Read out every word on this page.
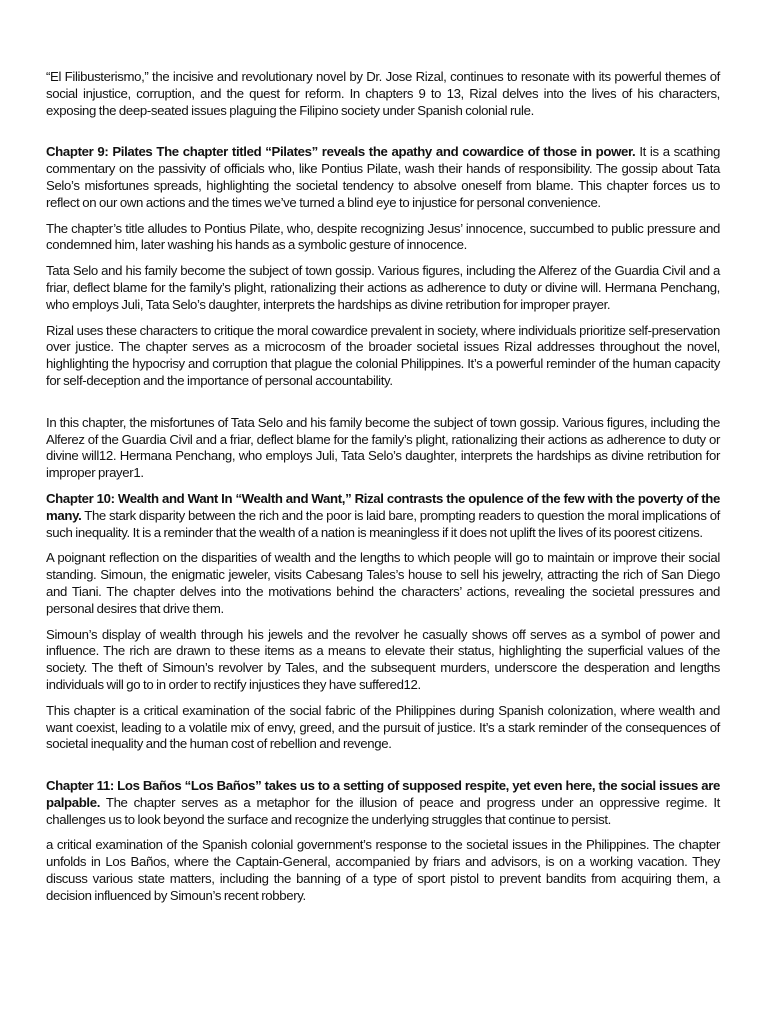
“El Filibusterismo,” the incisive and revolutionary novel by Dr. Jose Rizal, continues to resonate with its powerful themes of social injustice, corruption, and the quest for reform. In chapters 9 to 13, Rizal delves into the lives of his characters, exposing the deep-seated issues plaguing the Filipino society under Spanish colonial rule.

Chapter 9: Pilates The chapter titled “Pilates” reveals the apathy and cowardice of those in power. It is a scathing commentary on the passivity of officials who, like Pontius Pilate, wash their hands of responsibility. The gossip about Tata Selo’s misfortunes spreads, highlighting the societal tendency to absolve oneself from blame. This chapter forces us to reflect on our own actions and the times we’ve turned a blind eye to injustice for personal convenience.

The chapter’s title alludes to Pontius Pilate, who, despite recognizing Jesus’ innocence, succumbed to public pressure and condemned him, later washing his hands as a symbolic gesture of innocence.

Tata Selo and his family become the subject of town gossip. Various figures, including the Alferez of the Guardia Civil and a friar, deflect blame for the family’s plight, rationalizing their actions as adherence to duty or divine will. Hermana Penchang, who employs Juli, Tata Selo’s daughter, interprets the hardships as divine retribution for improper prayer.

Rizal uses these characters to critique the moral cowardice prevalent in society, where individuals prioritize self-preservation over justice. The chapter serves as a microcosm of the broader societal issues Rizal addresses throughout the novel, highlighting the hypocrisy and corruption that plague the colonial Philippines. It’s a powerful reminder of the human capacity for self-deception and the importance of personal accountability.

In this chapter, the misfortunes of Tata Selo and his family become the subject of town gossip. Various figures, including the Alferez of the Guardia Civil and a friar, deflect blame for the family’s plight, rationalizing their actions as adherence to duty or divine will12. Hermana Penchang, who employs Juli, Tata Selo’s daughter, interprets the hardships as divine retribution for improper prayer1.

Chapter 10: Wealth and Want In “Wealth and Want,” Rizal contrasts the opulence of the few with the poverty of the many. The stark disparity between the rich and the poor is laid bare, prompting readers to question the moral implications of such inequality. It is a reminder that the wealth of a nation is meaningless if it does not uplift the lives of its poorest citizens.

A poignant reflection on the disparities of wealth and the lengths to which people will go to maintain or improve their social standing. Simoun, the enigmatic jeweler, visits Cabesang Tales’s house to sell his jewelry, attracting the rich of San Diego and Tiani. The chapter delves into the motivations behind the characters’ actions, revealing the societal pressures and personal desires that drive them.

Simoun’s display of wealth through his jewels and the revolver he casually shows off serves as a symbol of power and influence. The rich are drawn to these items as a means to elevate their status, highlighting the superficial values of the society. The theft of Simoun’s revolver by Tales, and the subsequent murders, underscore the desperation and lengths individuals will go to in order to rectify injustices they have suffered12.

This chapter is a critical examination of the social fabric of the Philippines during Spanish colonization, where wealth and want coexist, leading to a volatile mix of envy, greed, and the pursuit of justice. It’s a stark reminder of the consequences of societal inequality and the human cost of rebellion and revenge.

Chapter 11: Los Baños “Los Baños” takes us to a setting of supposed respite, yet even here, the social issues are palpable. The chapter serves as a metaphor for the illusion of peace and progress under an oppressive regime. It challenges us to look beyond the surface and recognize the underlying struggles that continue to persist.

a critical examination of the Spanish colonial government’s response to the societal issues in the Philippines. The chapter unfolds in Los Baños, where the Captain-General, accompanied by friars and advisors, is on a working vacation. They discuss various state matters, including the banning of a type of sport pistol to prevent bandits from acquiring them, a decision influenced by Simoun’s recent robbery.
